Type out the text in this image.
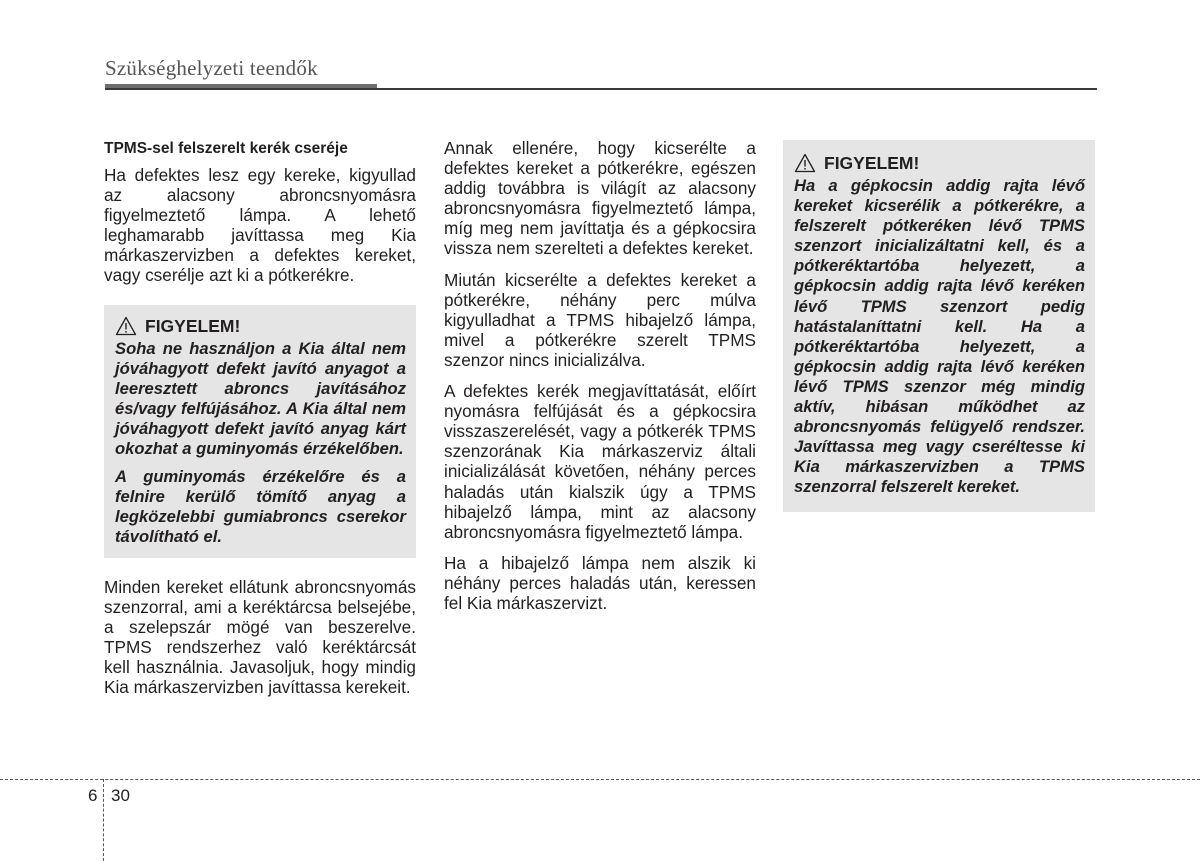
Szükséghelyzeti teendők
TPMS-sel felszerelt kerék cseréje

Ha defektes lesz egy kereke, kigyullad az alacsony abroncsnyomásra figyelmeztető lámpa. A lehető leghamarabb javíttassa meg Kia márkaszervizben a defektes kereket, vagy cserélje azt ki a pótkerékre.

FIGYELEM!

Soha ne használjon a Kia által nem jóváhagyott defekt javító anyagot a leeresztett abroncs javításához és/vagy felfújásához. A Kia által nem jóváhagyott defekt javító anyag kárt okozhat a guminyomás érzékelőben.

A guminyomás érzékelőre és a felnire kerülő tömítő anyag a legközelebbi gumiabroncs cserekor távolítható el.

Minden kereket ellátunk abroncsnyomás szenzorral, ami a keréktárcsa belsejébe, a szelepszár mögé van beszerelve. TPMS rendszerhez való keréktárcsát kell használnia. Javasoljuk, hogy mindig Kia márkaszervizben javíttassa kerekeit.

Annak ellenére, hogy kicserélte a defektes kereket a pótkerékre, egészen addig továbbra is világít az alacsony abroncsnyomásra figyelmeztető lámpa, míg meg nem javíttatja és a gépkocsira vissza nem szerelteti a defektes kereket.

Miután kicserélte a defektes kereket a pótkerékre, néhány perc múlva kigyulladhat a TPMS hibajelző lámpa, mivel a pótkerékre szerelt TPMS szenzor nincs inicializálva.

A defektes kerék megjavíttatását, előírt nyomásra felfújását és a gépkocsira visszaszerelését, vagy a pótkerék TPMS szenzorának Kia márkaszerviz általi inicializálását követően, néhány perces haladás után kialszik úgy a TPMS hibajelző lámpa, mint az alacsony abroncsnyomásra figyelmeztető lámpa.

Ha a hibajelző lámpa nem alszik ki néhány perces haladás után, keressen fel Kia márkaszervizt.

FIGYELEM!

Ha a gépkocsin addig rajta lévő kereket kicserélik a pótkerékre, a felszerelt pótkeréken lévő TPMS szenzort inicializáltatni kell, és a pótkeréktartóba helyezett, a gépkocsin addig rajta lévő keréken lévő TPMS szenzort pedig hatástalaníttatni kell. Ha a pótkeréktartóba helyezett, a gépkocsin addig rajta lévő keréken lévő TPMS szenzor még mindig aktív, hibásan működhet az abroncsnyomás felügyelő rendszer. Javíttassa meg vagy cseréltesse ki Kia márkaszervizben a TPMS szenzorral felszerelt kereket.

6 30
